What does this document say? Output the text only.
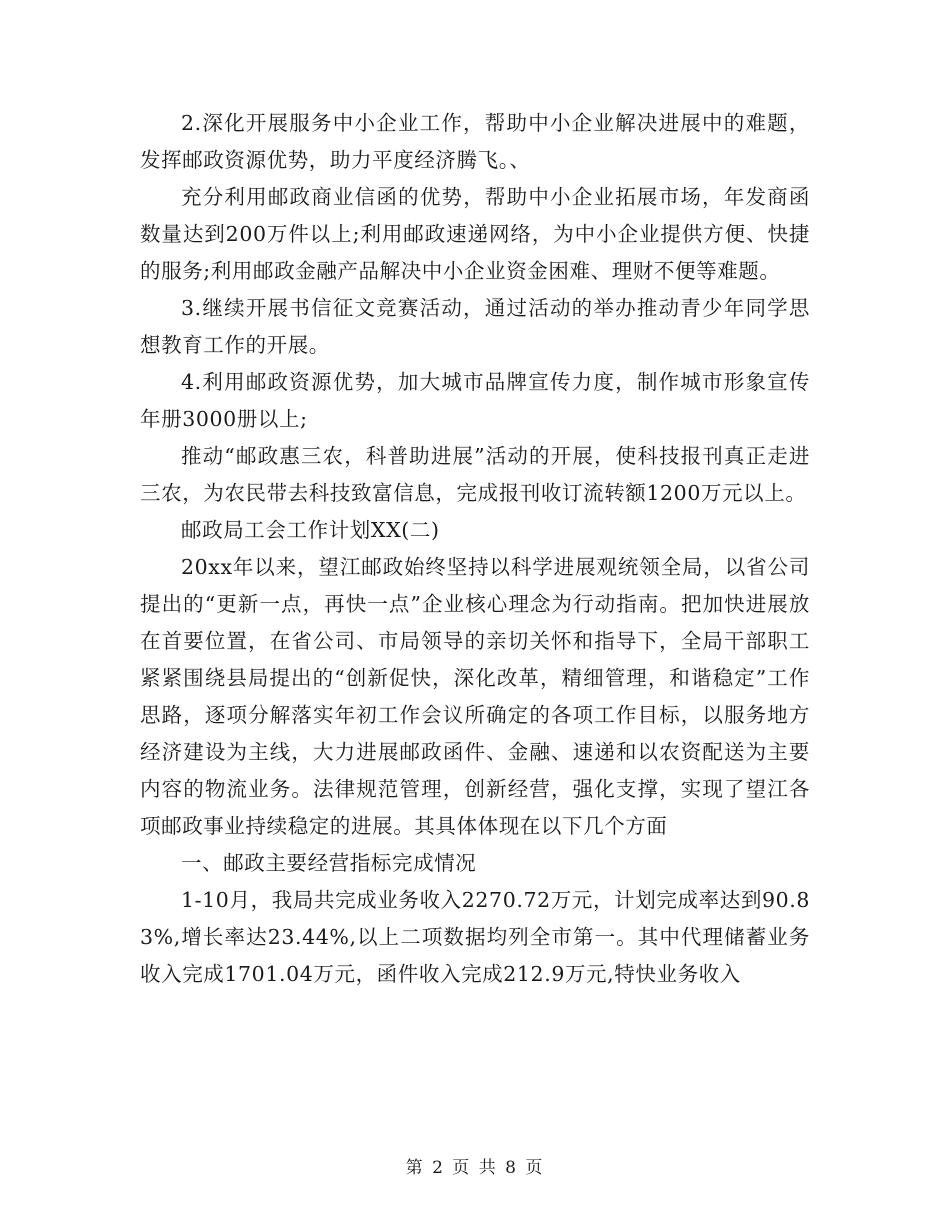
2.深化开展服务中小企业工作，帮助中小企业解决进展中的难题，发挥邮政资源优势，助力平度经济腾飞。、

充分利用邮政商业信函的优势，帮助中小企业拓展市场，年发商函数量达到200万件以上;利用邮政速递网络，为中小企业提供方便、快捷的服务;利用邮政金融产品解决中小企业资金困难、理财不便等难题。

3.继续开展书信征文竞赛活动，通过活动的举办推动青少年同学思想教育工作的开展。

4.利用邮政资源优势，加大城市品牌宣传力度，制作城市形象宣传年册3000册以上;

推动“邮政惠三农，科普助进展”活动的开展，使科技报刊真正走进三农，为农民带去科技致富信息，完成报刊收订流转额1200万元以上。

邮政局工会工作计划XX(二)

20xx年以来，望江邮政始终坚持以科学进展观统领全局，以省公司提出的“更新一点，再快一点”企业核心理念为行动指南。把加快进展放在首要位置，在省公司、市局领导的亲切关怀和指导下，全局干部职工紧紧围绕县局提出的“创新促快，深化改革，精细管理，和谐稳定”工作思路，逐项分解落实年初工作会议所确定的各项工作目标，以服务地方经济建设为主线，大力进展邮政函件、金融、速递和以农资配送为主要内容的物流业务。法律规范管理，创新经营，强化支撑，实现了望江各项邮政事业持续稳定的进展。其具体体现在以下几个方面

一、邮政主要经营指标完成情况

1-10月，我局共完成业务收入2270.72万元，计划完成率达到90.83%,增长率达23.44%,以上二项数据均列全市第一。其中代理储蓄业务收入完成1701.04万元，函件收入完成212.9万元,特快业务收入

第 2 页 共 8 页
